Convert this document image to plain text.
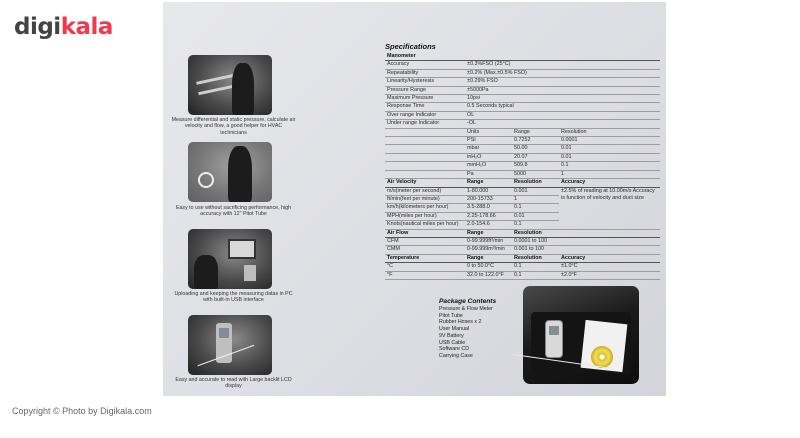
digikala
Measure differential and static pressure, calculate air velocity and flow, a good helper for HVAC technicians
Easy to use without sacrificing performance, high accuracy with 12" Pitot Tube
Uploading and keeping the measuring datas in PC with built-in USB interface
Easy and accurate to read with Large backlit LCD display
Specifications
Manometer			
Accuracy	±0.3%FSO (25°C)		
Repeatability	±0.2% (Max.±0.5% FSO)		
Linearity/Hysteresis	±0.29% FSO		
Pressure Range	±5000Pa		
Maximum Pressure	10psi		
Response Time	0.5 Seconds typical		
Over range Indicator	OL		
Under range Indicator	-OL		
	Units	Range	Resolution
	PSI	0.7252	0.0001
	mbar	50.00	0.01
	inH₂O	20.07	0.01
	mmH₂O	509.8	0.1
	Pa	5000	1
Air Velocity	Range	Resolution	Accuracy
m/s(meter per second)	1-80.000	0.001	±2.5% of reading at 10.00m/s Accuracy is function of velocity and duct size
ft/min(feet per minute)	200-15733	1	
km/h(kilometers per hour)	3.5-288.0	0.1	
MPH(miles per hour)	2.25-178.66	0.01	
Knots(nautical miles per hour)	2.0-154.6	0.1	
Air Flow	Range	Resolution	
CFM	0-99.999ft³/min	0.0001 to 100	
CMM	0-99.999m³/min	0.001 to 100	
Temperature	Range	Resolution	Accuracy
°C	0 to 50.0°C	0.1	±1.0°C
°F	32.0 to 122.0°F	0.1	±2.0°F
Package Contents
Pressure & Flow Meter
Pitot Tube
Rubber Hoses x 2
User Manual
9V Battery
USB Cable
Software CD
Carrying Case
Copyright © Photo by Digikala.com
